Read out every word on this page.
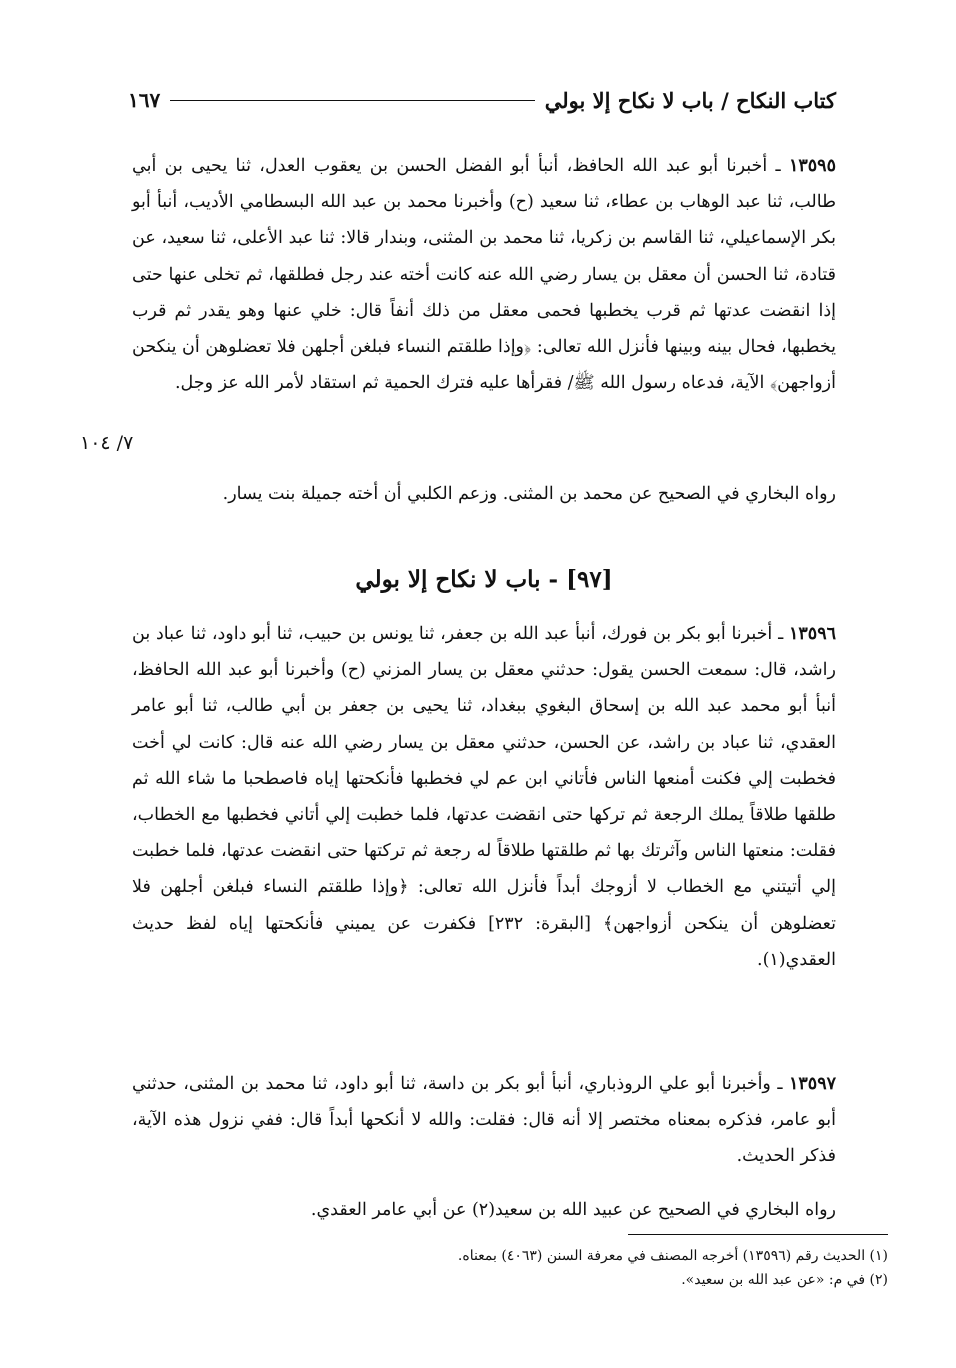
كتاب النكاح / باب لا نكاح إلا بولي
١٦٧

١٣٥٩٥ ـ أخبرنا أبو عبد الله الحافظ، أنبأ أبو الفضل الحسن بن يعقوب العدل، ثنا يحيى بن أبي طالب، ثنا عبد الوهاب بن عطاء، ثنا سعيد (ح) وأخبرنا محمد بن عبد الله البسطامي الأديب، أنبأ أبو بكر الإسماعيلي، ثنا القاسم بن زكريا، ثنا محمد بن المثنى، وبندار قالا: ثنا عبد الأعلى، ثنا سعيد، عن قتادة، ثنا الحسن أن معقل بن يسار رضي الله عنه كانت أخته عند رجل فطلقها، ثم تخلى عنها حتى إذا انقضت عدتها ثم قرب يخطبها فحمى معقل من ذلك أنفاً قال: خلي عنها وهو يقدر ثم قرب يخطبها، فحال بينه وبينها فأنزل الله تعالى: ﴿وإذا طلقتم النساء فبلغن أجلهن فلا تعضلوهن أن ينكحن أزواجهن﴾ الآية، فدعاه رسول الله ﷺ/ فقرأها عليه فترك الحمية ثم استقاد لأمر الله عز وجل.

٧/ ١٠٤

رواه البخاري في الصحيح عن محمد بن المثنى. وزعم الكلبي أن أخته جميلة بنت يسار.

[٩٧] - باب لا نكاح إلا بولي

١٣٥٩٦ ـ أخبرنا أبو بكر بن فورك، أنبأ عبد الله بن جعفر، ثنا يونس بن حبيب، ثنا أبو داود، ثنا عباد بن راشد، قال: سمعت الحسن يقول: حدثني معقل بن يسار المزني (ح) وأخبرنا أبو عبد الله الحافظ، أنبأ أبو محمد عبد الله بن إسحاق البغوي ببغداد، ثنا يحيى بن جعفر بن أبي طالب، ثنا أبو عامر العقدي، ثنا عباد بن راشد، عن الحسن، حدثني معقل بن يسار رضي الله عنه قال: كانت لي أخت فخطبت إلي فكنت أمنعها الناس فأتاني ابن عم لي فخطبها فأنكحتها إياه فاصطحبا ما شاء الله ثم طلقها طلاقاً يملك الرجعة ثم تركها حتى انقضت عدتها، فلما خطبت إلي أتاني فخطبها مع الخطاب، فقلت: منعتها الناس وآثرتك بها ثم طلقتها طلاقاً له رجعة ثم تركتها حتى انقضت عدتها، فلما خطبت إلي أتيتني مع الخطاب لا أزوجك أبداً فأنزل الله تعالى: ﴿وإذا طلقتم النساء فبلغن أجلهن فلا تعضلوهن أن ينكحن أزواجهن﴾ [البقرة: ٢٣٢] فكفرت عن يميني فأنكحتها إياه لفظ حديث العقدي(١).

١٣٥٩٧ ـ وأخبرنا أبو علي الروذباري، أنبأ أبو بكر بن داسة، ثنا أبو داود، ثنا محمد بن المثنى، حدثني أبو عامر، فذكره بمعناه مختصر إلا أنه قال: فقلت: والله لا أنكحها أبداً قال: ففي نزول هذه الآية، فذكر الحديث.

رواه البخاري في الصحيح عن عبيد الله بن سعيد(٢) عن أبي عامر العقدي.

(١) الحديث رقم (١٣٥٩٦) أخرجه المصنف في معرفة السنن (٤٠٦٣) بمعناه.

(٢) في م: «عن عبد الله بن سعيد».
